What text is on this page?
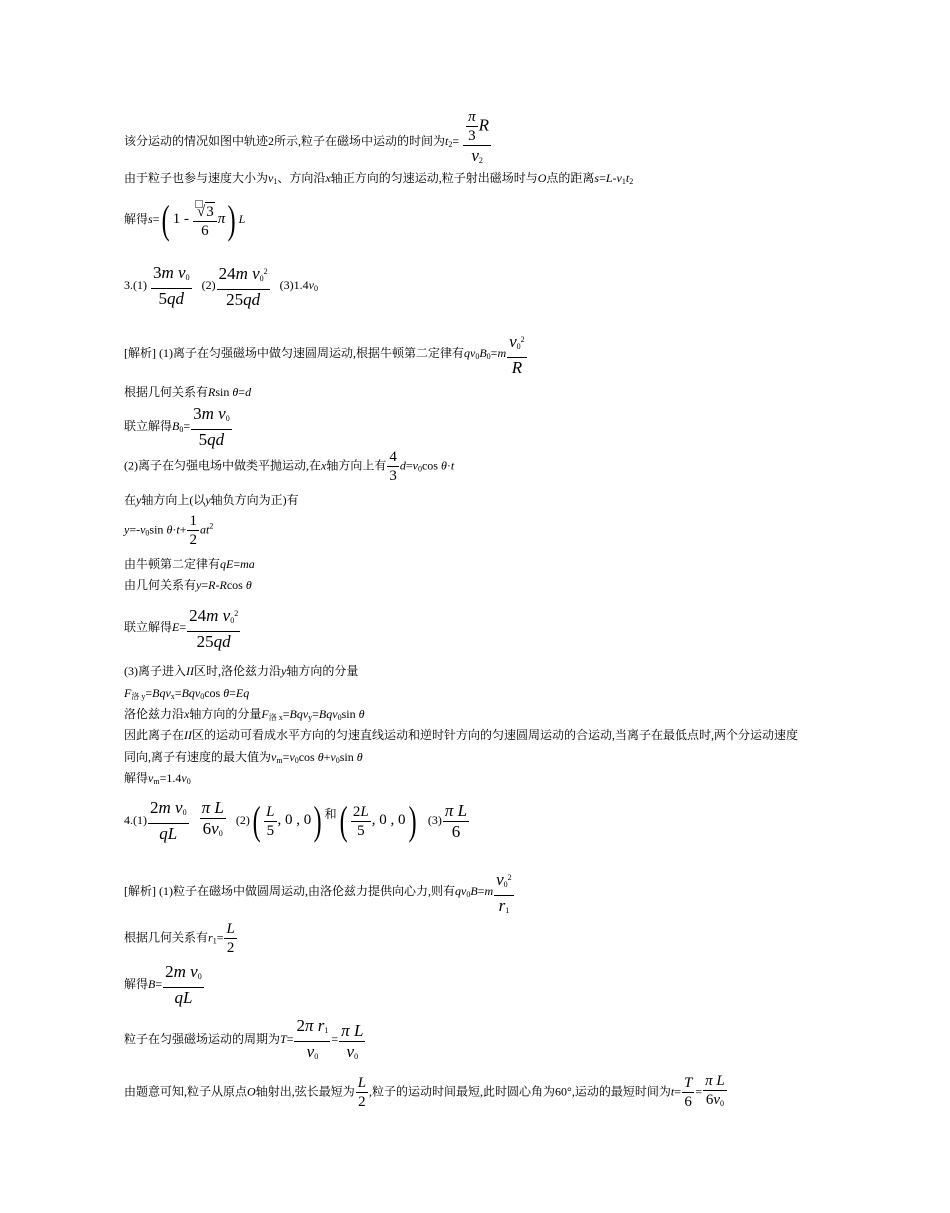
该分运动的情况如图中轨迹2所示,粒子在磁场中运动的时间为$t_2= \frac{\frac{\pi}{3} R}{v_2}$
由于粒子也参与速度大小为$v_1$、方向沿x轴正方向的匀速运动,粒子射出磁场时与O点的距离$s=L-v_1t_2$
解得s=( $1 - \frac{√3}{6} \pi$) L
$3.(1) \frac{3m v_0}{5qd} (2) \frac{24m v_0^2}{25qd} (3)1.4v_0$
[解析] (1)离子在匀强磁场中做匀速圆周运动,根据牛顿第二定律有$qv_0B_0=m \frac{v_0^2}{R}$
根据几何关系有Rsin θ=d
联立解得$B_0= \frac{3m v_0}{5qd}$
(2)离子在匀强电场中做类平抛运动,在x轴方向上有 $\frac{4}{3} d=v_0\cos$ θ·t
在y轴方向上(以y轴负方向为正)有
$y=-v_0\sin$ $\theta\cdot t+ \frac{1}{2} at^2$
由牛顿第二定律有qE=ma
由几何关系有y=R-Rcos θ
联立解得$E= \frac{24m v_0^2}{25qd}$
(3)离子进入II区时,洛伦兹力沿y轴方向的分量
$F_{洛 y}=Bqv_x=Bqv_0\cos$ θ=Eq
洛伦兹力沿x轴方向的分量$F_{洛 x}=Bqv_y=Bqv_0\sin$ θ
因此离子在II区的运动可看成水平方向的匀速直线运动和逆时针方向的匀速圆周运动的合运动,当离子在最低点时,两个分运动速度
同向,离子有速度的最大值为$v_m=v_0\cos$ $\theta+v_0\sin$ θ
解得$v_m=1.4v_0$
$4.(1) \frac{2m v_0}{qL}$
$\frac{\text{π L}}{6v_0} (2)( \frac{L}{5}$ , 0 , 0) 和( $\frac{2L}{5}$ , 0 , 0) $(3) \frac{\text{π L}}{6}$
[解析] (1)粒子在磁场中做圆周运动,由洛伦兹力提供向心力,则有$qv_0B=m \frac{v_0^2}{r_1}$
根据几何关系有$r_1= \frac{L}{2}$
解得$B= \frac{2m v_0}{qL}$
粒子在匀强磁场运动的周期为$T= \frac{2\pi r_1}{v_0} = \frac{\text{π L}}{v_0}$
由题意可知,粒子从原点O轴射出,弦长最短为 $\frac{L}{2}$ ,粒子的运动时间最短,此时圆心角为60°,运动的最短时间为$t= \frac{T}{6} = \frac{\text{π L}}{6v_0}$
